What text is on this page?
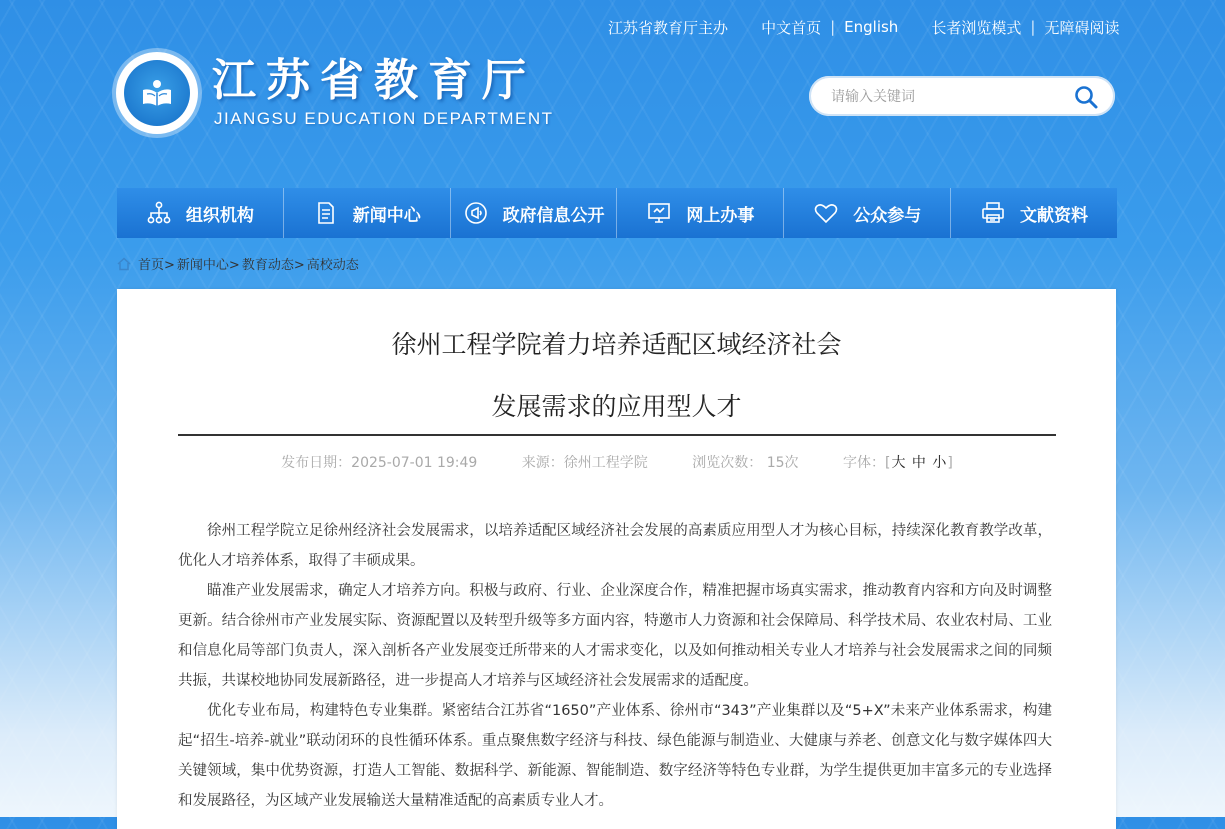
江苏省教育厅主办 中文首页 | English 长者浏览模式 | 无障碍阅读
江苏省教育厅
JIANGSU EDUCATION DEPARTMENT
请输入关键词
组织机构	新闻中心	政府信息公开	网上办事	公众参与	文献资料
首页> 新闻中心> 教育动态> 高校动态
徐州工程学院着力培养适配区域经济社会
发展需求的应用型人才
发布日期：2025-07-01 19:49	来源：徐州工程学院	浏览次数： 15次	字体：[大 中 小]

徐州工程学院立足徐州经济社会发展需求，以培养适配区域经济社会发展的高素质应用型人才为核心目标，持续深化教育教学改革，优化人才培养体系，取得了丰硕成果。

瞄准产业发展需求，确定人才培养方向。积极与政府、行业、企业深度合作，精准把握市场真实需求，推动教育内容和方向及时调整更新。结合徐州市产业发展实际、资源配置以及转型升级等多方面内容，特邀市人力资源和社会保障局、科学技术局、农业农村局、工业和信息化局等部门负责人，深入剖析各产业发展变迁所带来的人才需求变化，以及如何推动相关专业人才培养与社会发展需求之间的同频共振，共谋校地协同发展新路径，进一步提高人才培养与区域经济社会发展需求的适配度。

优化专业布局，构建特色专业集群。紧密结合江苏省“1650”产业体系、徐州市“343”产业集群以及“5+X”未来产业体系需求，构建起“招生-培养-就业”联动闭环的良性循环体系。重点聚焦数字经济与科技、绿色能源与制造业、大健康与养老、创意文化与数字媒体四大关键领域，集中优势资源，打造人工智能、数据科学、新能源、智能制造、数字经济等特色专业群，为学生提供更加丰富多元的专业选择和发展路径，为区域产业发展输送大量精准适配的高素质专业人才。
